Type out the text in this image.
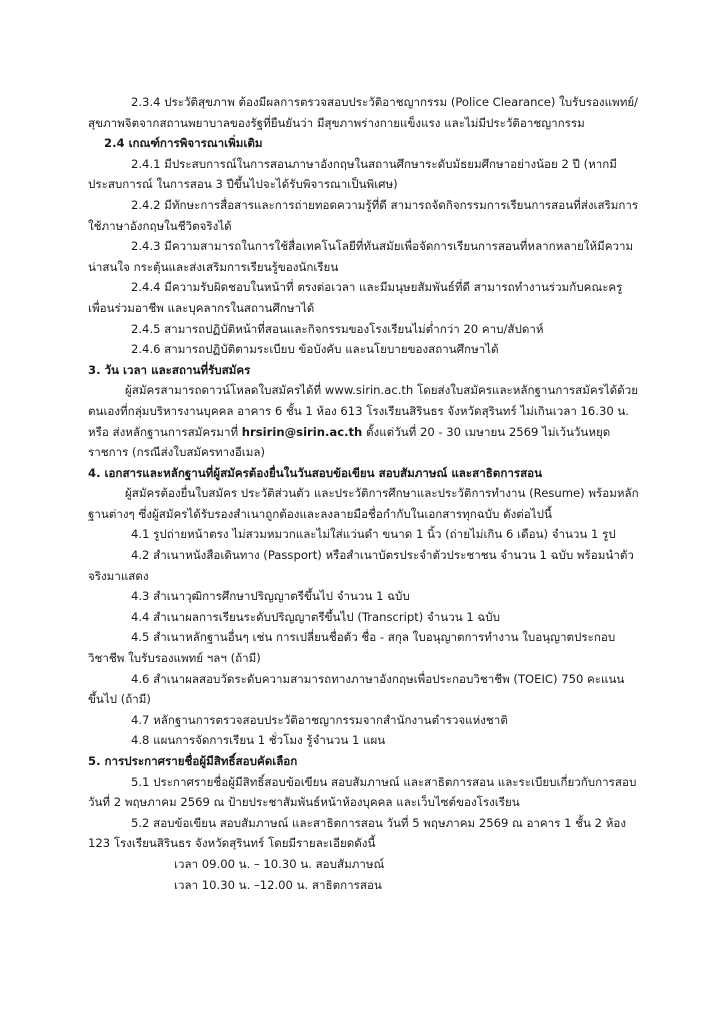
2.3.4 ประวัติสุขภาพ ต้องมีผลการตรวจสอบประวัติอาชญากรรม (Police Clearance) ใบรับรองแพทย์/ สุขภาพจิตจากสถานพยาบาลของรัฐที่ยืนยันว่า มีสุขภาพร่างกายแข็งแรง และไม่มีประวัติอาชญากรรม

2.4 เกณฑ์การพิจารณาเพิ่มเติม

2.4.1 มีประสบการณ์ในการสอนภาษาอังกฤษในสถานศึกษาระดับมัธยมศึกษาอย่างน้อย 2 ปี (หากมีประสบการณ์ ในการสอน 3 ปีขึ้นไปจะได้รับพิจารณาเป็นพิเศษ)

2.4.2 มีทักษะการสื่อสารและการถ่ายทอดความรู้ที่ดี สามารถจัดกิจกรรมการเรียนการสอนที่ส่งเสริมการใช้ภาษาอังกฤษในชีวิตจริงได้

2.4.3 มีความสามารถในการใช้สื่อเทคโนโลยีที่ทันสมัยเพื่อจัดการเรียนการสอนที่หลากหลายให้มีความน่าสนใจ กระตุ้นและส่งเสริมการเรียนรู้ของนักเรียน

2.4.4 มีความรับผิดชอบในหน้าที่ ตรงต่อเวลา และมีมนุษยสัมพันธ์ที่ดี สามารถทำงานร่วมกับคณะครู เพื่อนร่วมอาชีพ และบุคลากรในสถานศึกษาได้

2.4.5 สามารถปฏิบัติหน้าที่สอนและกิจกรรมของโรงเรียนไม่ต่ำกว่า 20 คาบ/สัปดาห์

2.4.6 สามารถปฏิบัติตามระเบียบ ข้อบังคับ และนโยบายของสถานศึกษาได้

3. วัน เวลา และสถานที่รับสมัคร

ผู้สมัครสามารถดาวน์โหลดใบสมัครได้ที่ www.sirin.ac.th โดยส่งใบสมัครและหลักฐานการสมัครได้ด้วยตนเองที่กลุ่มบริหารงานบุคคล อาคาร 6 ชั้น 1 ห้อง 613 โรงเรียนสิรินธร จังหวัดสุรินทร์ ไม่เกินเวลา 16.30 น. หรือ ส่งหลักฐานการสมัครมาที่ hrsirin@sirin.ac.th ตั้งแต่วันที่ 20 - 30 เมษายน 2569 ไม่เว้นวันหยุดราชการ (กรณีส่งใบสมัครทางอีเมล)

4. เอกสารและหลักฐานที่ผู้สมัครต้องยื่นในวันสอบข้อเขียน สอบสัมภาษณ์ และสาธิตการสอน

ผู้สมัครต้องยื่นใบสมัคร ประวัติส่วนตัว และประวัติการศึกษาและประวัติการทำงาน (Resume) พร้อมหลักฐานต่างๆ ซึ่งผู้สมัครได้รับรองสำเนาถูกต้องและลงลายมือชื่อกำกับในเอกสารทุกฉบับ ดังต่อไปนี้

4.1 รูปถ่ายหน้าตรง ไม่สวมหมวกและไม่ใส่แว่นดำ ขนาด 1 นิ้ว (ถ่ายไม่เกิน 6 เดือน) จำนวน 1 รูป

4.2 สำเนาหนังสือเดินทาง (Passport) หรือสำเนาบัตรประจำตัวประชาชน จำนวน 1 ฉบับ พร้อมนำตัวจริงมาแสดง

4.3 สำเนาวุฒิการศึกษาปริญญาตรีขึ้นไป จำนวน 1 ฉบับ

4.4 สำเนาผลการเรียนระดับปริญญาตรีขึ้นไป (Transcript) จำนวน 1 ฉบับ

4.5 สำเนาหลักฐานอื่นๆ เช่น การเปลี่ยนชื่อตัว ชื่อ - สกุล ใบอนุญาตการทำงาน ใบอนุญาตประกอบวิชาชีพ ใบรับรองแพทย์ ฯลฯ (ถ้ามี)

4.6 สำเนาผลสอบวัดระดับความสามารถทางภาษาอังกฤษเพื่อประกอบวิชาชีพ (TOEIC) 750 คะแนน ขึ้นไป (ถ้ามี)

4.7 หลักฐานการตรวจสอบประวัติอาชญากรรมจากสำนักงานตำรวจแห่งชาติ

4.8 แผนการจัดการเรียน 1 ชั่วโมง รู้จำนวน 1 แผน

5. การประกาศรายชื่อผู้มีสิทธิ์สอบคัดเลือก

5.1 ประกาศรายชื่อผู้มีสิทธิ์สอบข้อเขียน สอบสัมภาษณ์ และสาธิตการสอน และระเบียบเกี่ยวกับการสอบวันที่ 2 พฤษภาคม 2569 ณ ป้ายประชาสัมพันธ์หน้าห้องบุคคล และเว็บไซต์ของโรงเรียน

5.2 สอบข้อเขียน สอบสัมภาษณ์ และสาธิตการสอน วันที่ 5 พฤษภาคม 2569 ณ อาคาร 1 ชั้น 2 ห้อง 123 โรงเรียนสิรินธร จังหวัดสุรินทร์ โดยมีรายละเอียดดังนี้

เวลา 09.00 น. – 10.30 น. สอบสัมภาษณ์

เวลา 10.30 น. –12.00 น. สาธิตการสอน
